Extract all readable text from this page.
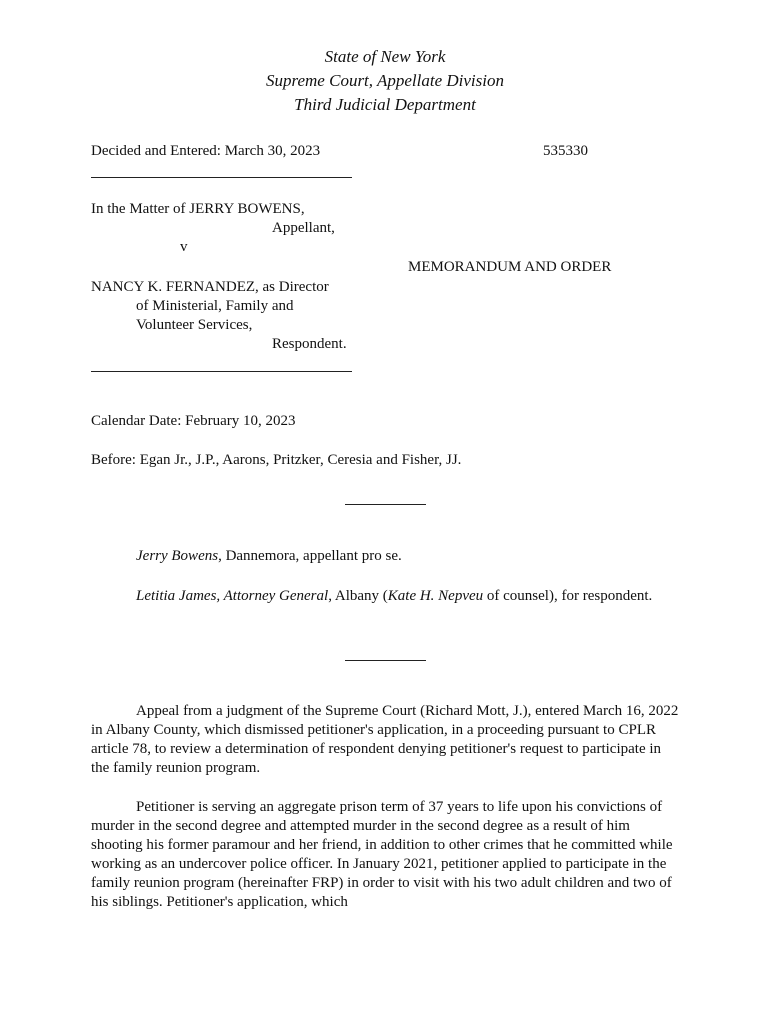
State of New York
Supreme Court, Appellate Division
Third Judicial Department
Decided and Entered: March 30, 2023	535330
In the Matter of JERRY BOWENS,
Appellant,
v
MEMORANDUM AND ORDER
NANCY K. FERNANDEZ, as Director
of Ministerial, Family and
Volunteer Services,
Respondent.
Calendar Date: February 10, 2023
Before: Egan Jr., J.P., Aarons, Pritzker, Ceresia and Fisher, JJ.
Jerry Bowens, Dannemora, appellant pro se.
Letitia James, Attorney General, Albany (Kate H. Nepveu of counsel), for respondent.
Appeal from a judgment of the Supreme Court (Richard Mott, J.), entered March 16, 2022 in Albany County, which dismissed petitioner's application, in a proceeding pursuant to CPLR article 78, to review a determination of respondent denying petitioner's request to participate in the family reunion program.
Petitioner is serving an aggregate prison term of 37 years to life upon his convictions of murder in the second degree and attempted murder in the second degree as a result of him shooting his former paramour and her friend, in addition to other crimes that he committed while working as an undercover police officer. In January 2021, petitioner applied to participate in the family reunion program (hereinafter FRP) in order to visit with his two adult children and two of his siblings. Petitioner's application, which
